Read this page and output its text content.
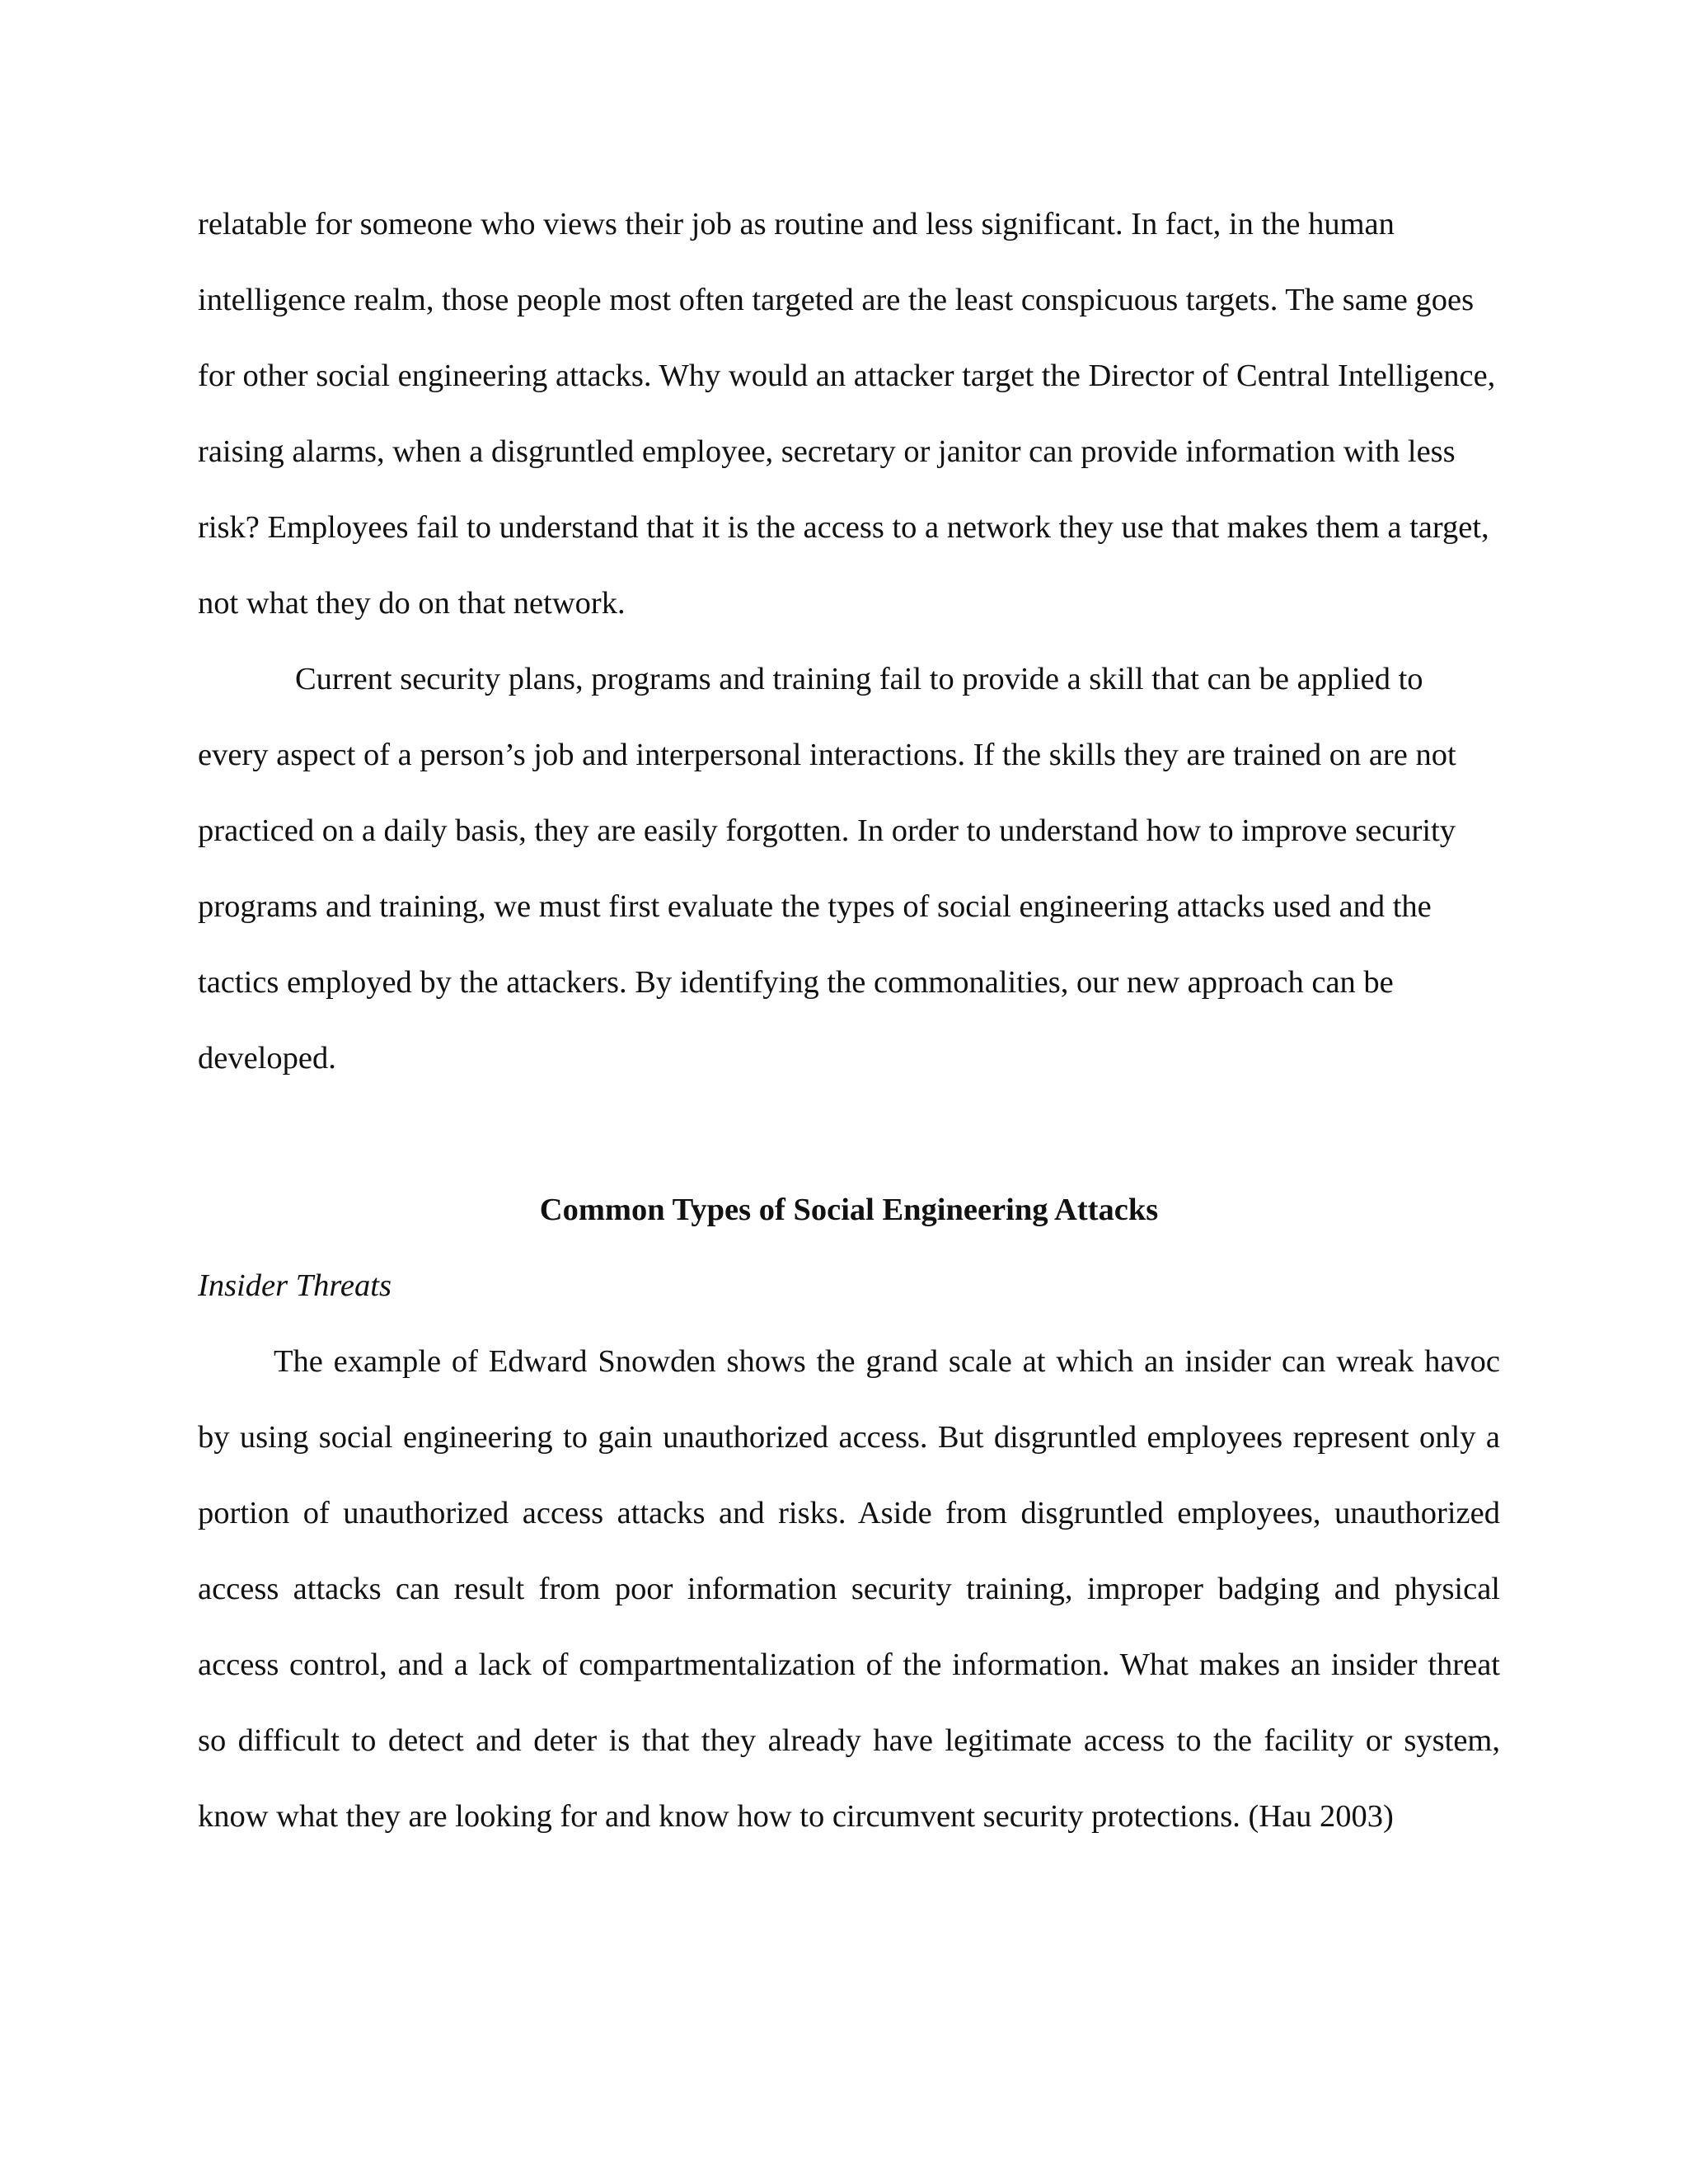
relatable for someone who views their job as routine and less significant. In fact, in the human intelligence realm, those people most often targeted are the least conspicuous targets. The same goes for other social engineering attacks. Why would an attacker target the Director of Central Intelligence, raising alarms, when a disgruntled employee, secretary or janitor can provide information with less risk? Employees fail to understand that it is the access to a network they use that makes them a target, not what they do on that network.

Current security plans, programs and training fail to provide a skill that can be applied to every aspect of a person’s job and interpersonal interactions. If the skills they are trained on are not practiced on a daily basis, they are easily forgotten. In order to understand how to improve security programs and training, we must first evaluate the types of social engineering attacks used and the tactics employed by the attackers. By identifying the commonalities, our new approach can be developed.

Common Types of Social Engineering Attacks
Insider Threats

The example of Edward Snowden shows the grand scale at which an insider can wreak havoc by using social engineering to gain unauthorized access. But disgruntled employees represent only a portion of unauthorized access attacks and risks. Aside from disgruntled employees, unauthorized access attacks can result from poor information security training, improper badging and physical access control, and a lack of compartmentalization of the information. What makes an insider threat so difficult to detect and deter is that they already have legitimate access to the facility or system, know what they are looking for and know how to circumvent security protections. (Hau 2003)
